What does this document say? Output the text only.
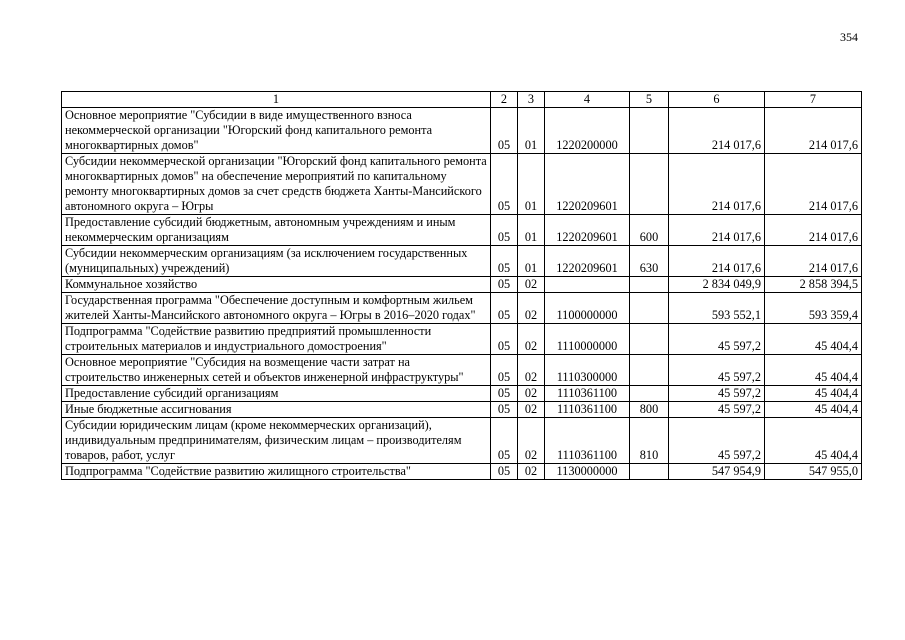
354
1	2	3	4	5	6	7
Основное мероприятие "Субсидии в виде имущественного взноса некоммерческой организации "Югорский фонд капитального ремонта многоквартирных домов"	05	01	1220200000		214 017,6	214 017,6
Субсидии некоммерческой организации "Югорский фонд капитального ремонта многоквартирных домов" на обеспечение мероприятий по капитальному ремонту многоквартирных домов за счет средств бюджета Ханты-Мансийского автономного округа – Югры	05	01	1220209601		214 017,6	214 017,6
Предоставление субсидий бюджетным, автономным учреждениям и иным некоммерческим организациям	05	01	1220209601	600	214 017,6	214 017,6
Субсидии некоммерческим организациям (за исключением государственных (муниципальных) учреждений)	05	01	1220209601	630	214 017,6	214 017,6
Коммунальное хозяйство	05	02			2 834 049,9	2 858 394,5
Государственная программа "Обеспечение доступным и комфортным жильем жителей Ханты-Мансийского автономного округа – Югры в 2016–2020 годах"	05	02	1100000000		593 552,1	593 359,4
Подпрограмма "Содействие развитию предприятий промышленности строительных материалов и индустриального домостроения"	05	02	1110000000		45 597,2	45 404,4
Основное мероприятие "Субсидия на возмещение части затрат на строительство инженерных сетей и объектов инженерной инфраструктуры"	05	02	1110300000		45 597,2	45 404,4
Предоставление субсидий организациям	05	02	1110361100		45 597,2	45 404,4
Иные бюджетные ассигнования	05	02	1110361100	800	45 597,2	45 404,4
Субсидии юридическим лицам (кроме некоммерческих организаций), индивидуальным предпринимателям, физическим лицам – производителям товаров, работ, услуг	05	02	1110361100	810	45 597,2	45 404,4
Подпрограмма "Содействие развитию жилищного строительства"	05	02	1130000000		547 954,9	547 955,0
